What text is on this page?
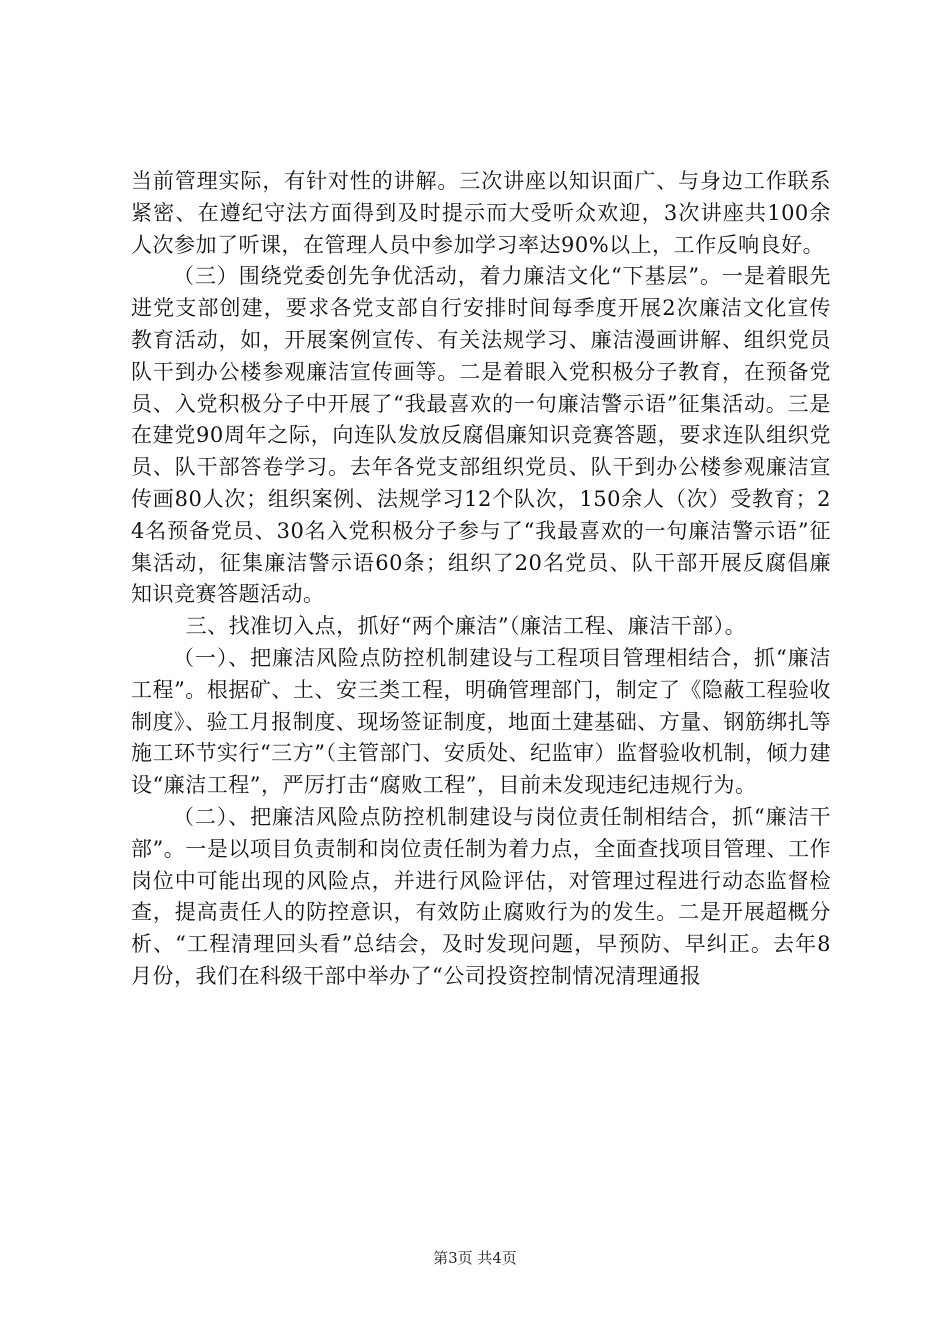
当前管理实际，有针对性的讲解。三次讲座以知识面广、与身边工作联系紧密、在遵纪守法方面得到及时提示而大受听众欢迎，3次讲座共100余人次参加了听课，在管理人员中参加学习率达90%以上，工作反响良好。

（三）围绕党委创先争优活动，着力廉洁文化“下基层”。一是着眼先进党支部创建，要求各党支部自行安排时间每季度开展2次廉洁文化宣传教育活动，如，开展案例宣传、有关法规学习、廉洁漫画讲解、组织党员队干到办公楼参观廉洁宣传画等。二是着眼入党积极分子教育，在预备党员、入党积极分子中开展了“我最喜欢的一句廉洁警示语”征集活动。三是在建党90周年之际，向连队发放反腐倡廉知识竞赛答题，要求连队组织党员、队干部答卷学习。去年各党支部组织党员、队干到办公楼参观廉洁宣传画80人次；组织案例、法规学习12个队次，150余人（次）受教育；24名预备党员、30名入党积极分子参与了“我最喜欢的一句廉洁警示语”征集活动，征集廉洁警示语60条；组织了20名党员、队干部开展反腐倡廉知识竞赛答题活动。

三、找准切入点，抓好“两个廉洁”（廉洁工程、廉洁干部）。

（一）、把廉洁风险点防控机制建设与工程项目管理相结合，抓“廉洁工程”。根据矿、土、安三类工程，明确管理部门，制定了《隐蔽工程验收制度》、验工月报制度、现场签证制度，地面土建基础、方量、钢筋绑扎等施工环节实行“三方”（主管部门、安质处、纪监审）监督验收机制，倾力建设“廉洁工程”，严厉打击“腐败工程”，目前未发现违纪违规行为。

（二）、把廉洁风险点防控机制建设与岗位责任制相结合，抓“廉洁干部”。一是以项目负责制和岗位责任制为着力点，全面查找项目管理、工作岗位中可能出现的风险点，并进行风险评估，对管理过程进行动态监督检查，提高责任人的防控意识，有效防止腐败行为的发生。二是开展超概分析、“工程清理回头看”总结会，及时发现问题，早预防、早纠正。去年8月份，我们在科级干部中举办了“公司投资控制情况清理通报

第3页 共4页
